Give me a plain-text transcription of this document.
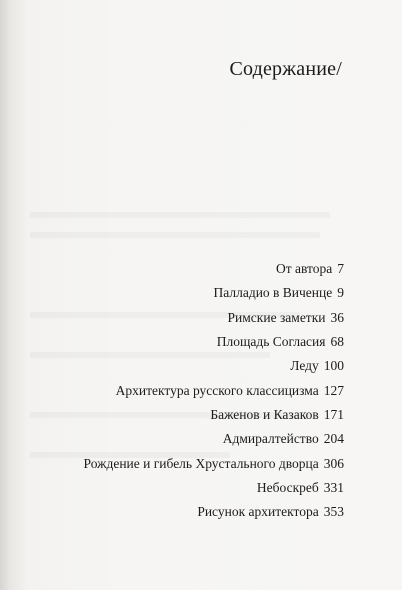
Содержание/
От автора 7
Палладио в Виченце 9
Римские заметки 36
Площадь Согласия 68
Леду 100
Архитектура русского классицизма 127
Баженов и Казаков 171
Адмиралтейство 204
Рождение и гибель Хрустального дворца 306
Небоскреб 331
Рисунок архитектора 353
